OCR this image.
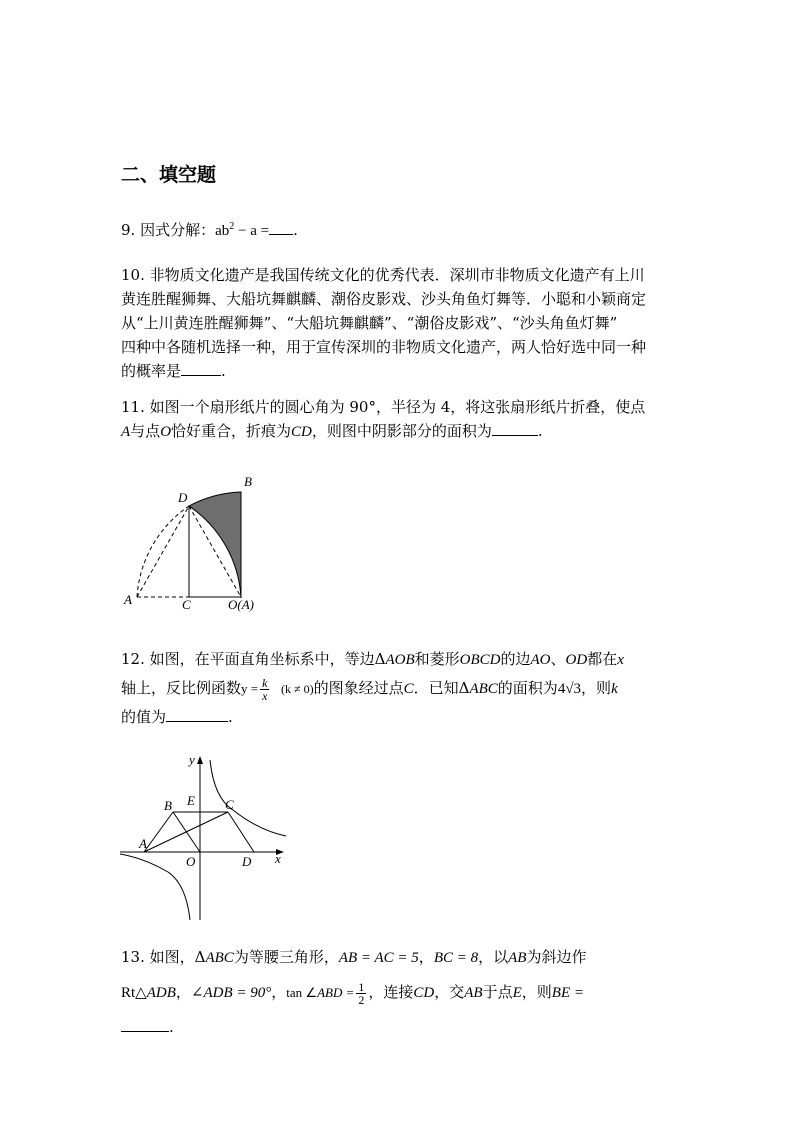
二、填空题
9. 因式分解：$ab^2 - a$ = .
10. 非物质文化遗产是我国传统文化的优秀代表．深圳市非物质文化遗产有上川
黄连胜醒狮舞、大船坑舞麒麟、潮俗皮影戏、沙头角鱼灯舞等．小聪和小颖商定
从“上川黄连胜醒狮舞”、“大船坑舞麒麟”、“潮俗皮影戏”、“沙头角鱼灯舞”
四种中各随机选择一种，用于宣传深圳的非物质文化遗产，两人恰好选中同一种
的概率是	.
11. 如图一个扇形纸片的圆心角为 90°，半径为 4，将这张扇形纸片折叠，使点
A与点O恰好重合，折痕为CD，则图中阴影部分的面积为	.
B
D
A	C	O(A)
12. 如图，在平面直角坐标系中，等边ΔAOB和菱形OBCD的边AO、OD都在x
轴上，反比例函数$y = \frac{k}{x} (k \ne 0)$的图象经过点C．已知ΔABC的面积为4√3，则k
的值为	.
y
x
B E C
A
O	D
13. 如图，ΔABC为等腰三角形，AB = AC = 5，BC = 8，以AB为斜边作
Rt△ADB，∠ADB = 90°，tan ∠ABD = $\frac{1}{2}$ ，连接CD，交AB于点E，则BE =
.
